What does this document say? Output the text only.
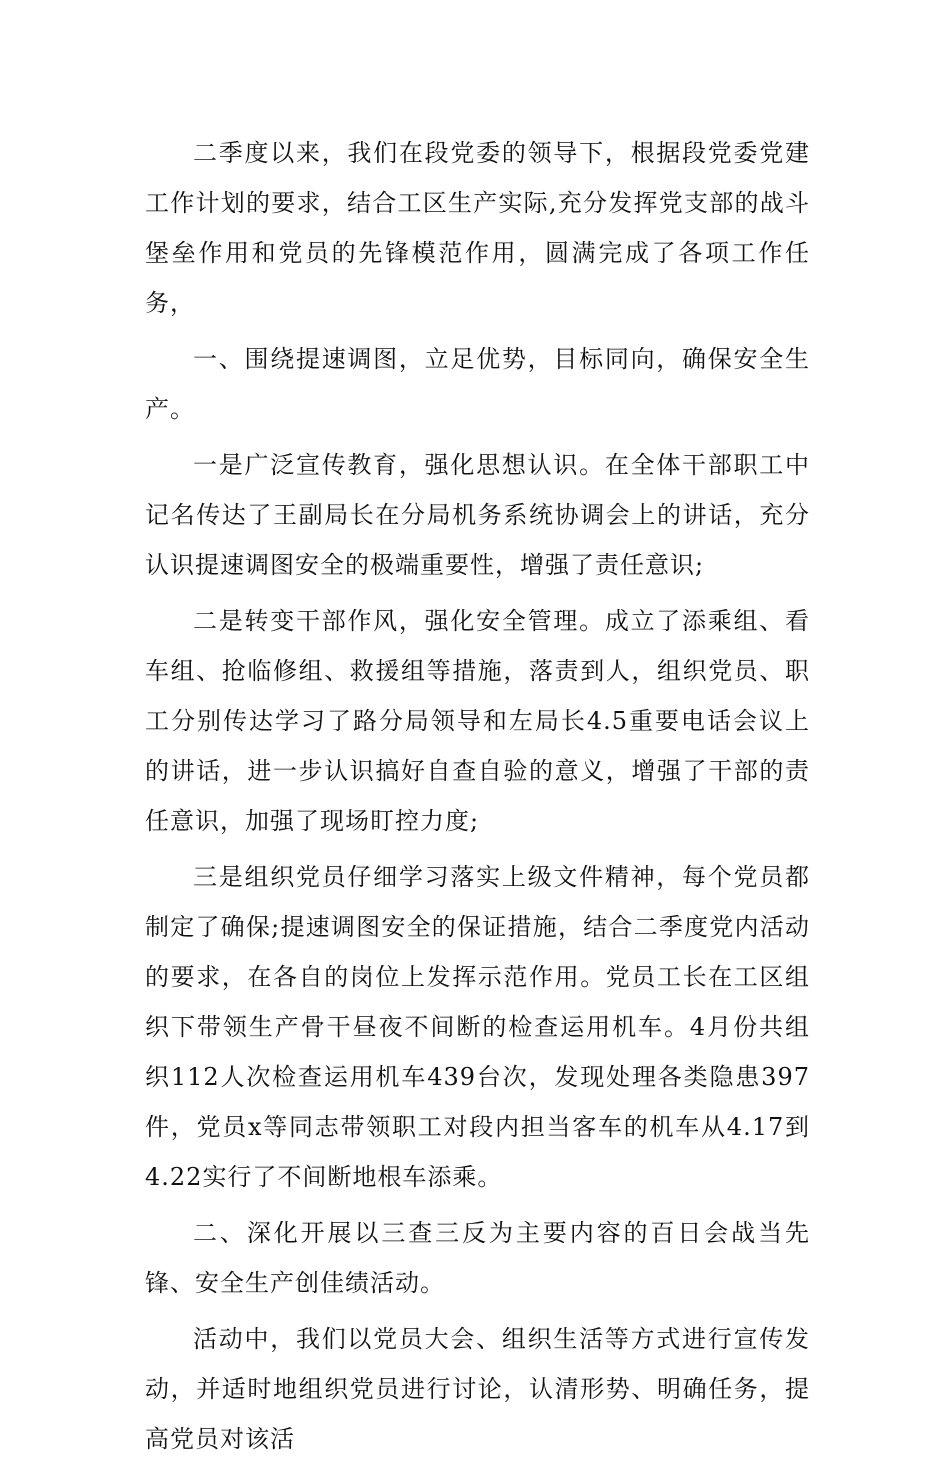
二季度以来，我们在段党委的领导下，根据段党委党建工作计划的要求，结合工区生产实际,充分发挥党支部的战斗堡垒作用和党员的先锋模范作用，圆满完成了各项工作任务，

一、围绕提速调图，立足优势，目标同向，确保安全生产。

一是广泛宣传教育，强化思想认识。在全体干部职工中记名传达了王副局长在分局机务系统协调会上的讲话，充分认识提速调图安全的极端重要性，增强了责任意识;

二是转变干部作风，强化安全管理。成立了添乘组、看车组、抢临修组、救援组等措施，落责到人，组织党员、职工分别传达学习了路分局领导和左局长4.5重要电话会议上的讲话，进一步认识搞好自查自验的意义，增强了干部的责任意识，加强了现场盯控力度;

三是组织党员仔细学习落实上级文件精神，每个党员都制定了确保;提速调图安全的保证措施，结合二季度党内活动的要求，在各自的岗位上发挥示范作用。党员工长在工区组织下带领生产骨干昼夜不间断的检查运用机车。4月份共组织112人次检查运用机车439台次，发现处理各类隐患397件，党员x等同志带领职工对段内担当客车的机车从4.17到4.22实行了不间断地根车添乘。

二、深化开展以三查三反为主要内容的百日会战当先锋、安全生产创佳绩活动。

活动中，我们以党员大会、组织生活等方式进行宣传发动，并适时地组织党员进行讨论，认清形势、明确任务，提高党员对该活
